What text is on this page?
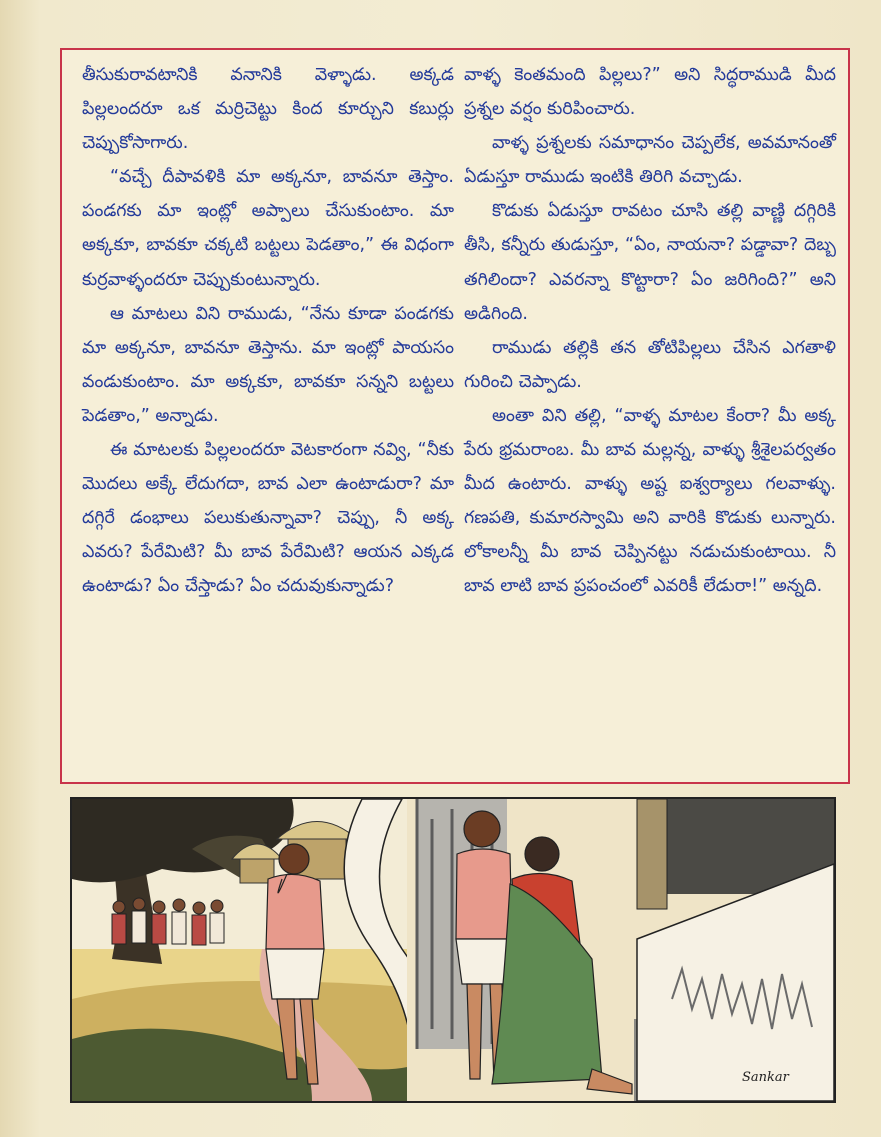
తీసుకురావటానికి వనానికి వెళ్ళాడు. అక్కడ పిల్లలందరూ ఒక మర్రిచెట్టు కింద కూర్చుని కబుర్లు చెప్పుకోసాగారు.

“వచ్చే దీపావళికి మా అక్కనూ, బావనూ తెస్తాం. పండగకు మా ఇంట్లో అప్పాలు చేసుకుంటాం. మా అక్కకూ, బావకూ చక్కటి బట్టలు పెడతాం,” ఈ విధంగా కుర్రవాళ్ళందరూ చెప్పుకుంటున్నారు.

ఆ మాటలు విని రాముడు, “నేను కూడా పండగకు మా అక్కనూ, బావనూ తెస్తాను. మా ఇంట్లో పాయసం వండుకుంటాం. మా అక్కకూ, బావకూ సన్నని బట్టలు పెడతాం,” అన్నాడు.

ఈ మాటలకు పిల్లలందరూ వెటకారంగా నవ్వి, “నీకు మొదలు అక్కే లేదుగదా, బావ ఎలా ఉంటాడురా? మా దగ్గిరే డంభాలు పలుకుతున్నావా? చెప్పు, నీ అక్క ఎవరు? పేరేమిటి? మీ బావ పేరేమిటి? ఆయన ఎక్కడ ఉంటాడు? ఏం చేస్తాడు? ఏం చదువుకున్నాడు?

వాళ్ళ కెంతమంది పిల్లలు?” అని సిద్ధరాముడి మీద ప్రశ్నల వర్షం కురిపించారు.

వాళ్ళ ప్రశ్నలకు సమాధానం చెప్పలేక, అవమానంతో ఏడుస్తూ రాముడు ఇంటికి తిరిగి వచ్చాడు.

కొడుకు ఏడుస్తూ రావటం చూసి తల్లి వాణ్ణి దగ్గిరికి తీసి, కన్నీరు తుడుస్తూ, “ఏం, నాయనా? పడ్డావా? దెబ్బ తగిలిందా? ఎవరన్నా కొట్టారా? ఏం జరిగింది?” అని అడిగింది.

రాముడు తల్లికి తన తోటిపిల్లలు చేసిన ఎగతాళి గురించి చెప్పాడు.

అంతా విని తల్లి, “వాళ్ళ మాటల కేంరా? మీ అక్క పేరు భ్రమరాంబ. మీ బావ మల్లన్న, వాళ్ళు శ్రీశైలపర్వతం మీద ఉంటారు. వాళ్ళు అష్ట ఐశ్వర్యాలు గలవాళ్ళు. గణపతి, కుమారస్వామి అని వారికి కొడుకు లున్నారు. లోకాలన్నీ మీ బావ చెప్పినట్టు నడుచుకుంటాయి. నీ బావ లాటి బావ ప్రపంచంలో ఎవరికీ లేడురా!” అన్నది.

Sankar
